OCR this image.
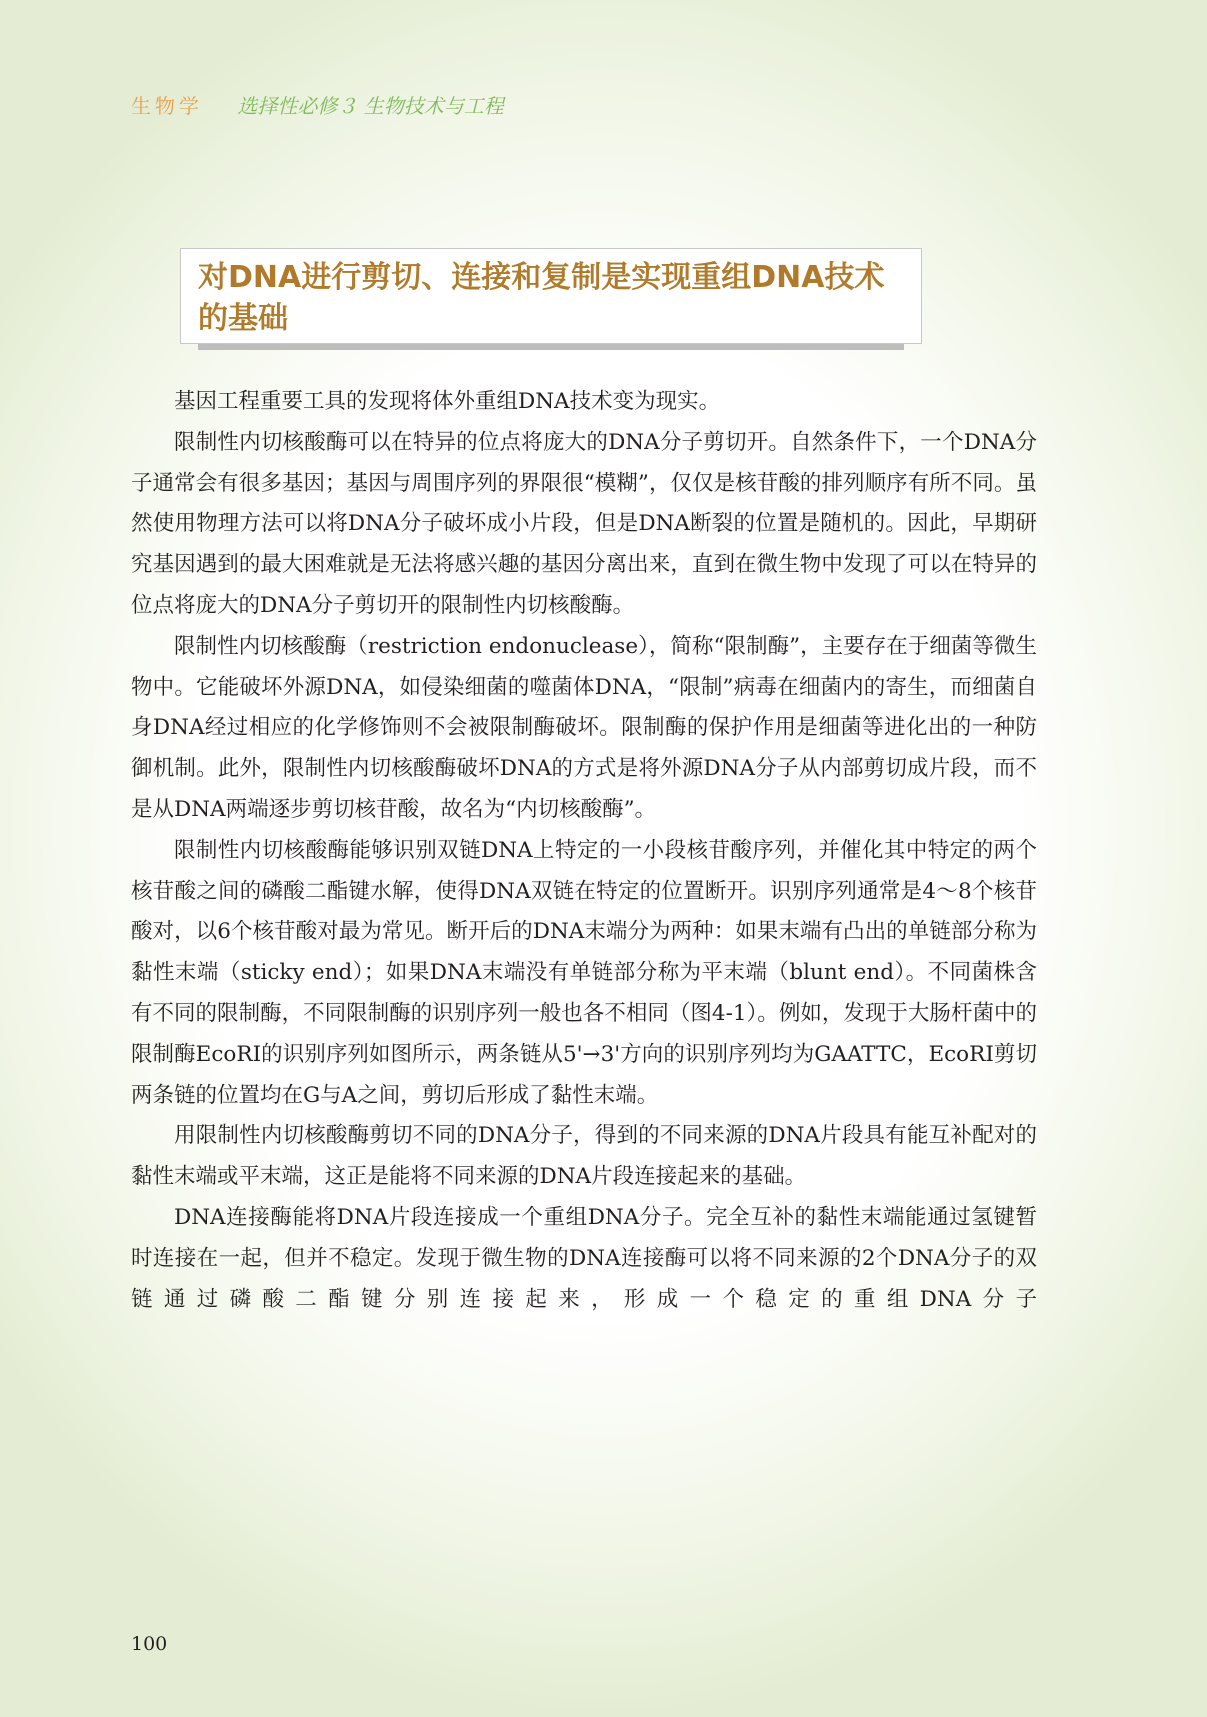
生物学 选择性必修３ 生物技术与工程
对DNA进行剪切、连接和复制是实现重组DNA技术的基础

基因工程重要工具的发现将体外重组DNA技术变为现实。

限制性内切核酸酶可以在特异的位点将庞大的DNA分子剪切开。自然条件下，一个DNA分子通常会有很多基因；基因与周围序列的界限很“模糊”，仅仅是核苷酸的排列顺序有所不同。虽然使用物理方法可以将DNA分子破坏成小片段，但是DNA断裂的位置是随机的。因此，早期研究基因遇到的最大困难就是无法将感兴趣的基因分离出来，直到在微生物中发现了可以在特异的位点将庞大的DNA分子剪切开的限制性内切核酸酶。

限制性内切核酸酶（restriction endonuclease），简称“限制酶”，主要存在于细菌等微生物中。它能破坏外源DNA，如侵染细菌的噬菌体DNA，“限制”病毒在细菌内的寄生，而细菌自身DNA经过相应的化学修饰则不会被限制酶破坏。限制酶的保护作用是细菌等进化出的一种防御机制。此外，限制性内切核酸酶破坏DNA的方式是将外源DNA分子从内部剪切成片段，而不是从DNA两端逐步剪切核苷酸，故名为“内切核酸酶”。

限制性内切核酸酶能够识别双链DNA上特定的一小段核苷酸序列，并催化其中特定的两个核苷酸之间的磷酸二酯键水解，使得DNA双链在特定的位置断开。识别序列通常是4～8个核苷酸对，以6个核苷酸对最为常见。断开后的DNA末端分为两种：如果末端有凸出的单链部分称为黏性末端（sticky end）；如果DNA末端没有单链部分称为平末端（blunt end）。不同菌株含有不同的限制酶，不同限制酶的识别序列一般也各不相同（图4-1）。例如，发现于大肠杆菌中的限制酶EcoRⅠ的识别序列如图所示，两条链从5'→3'方向的识别序列均为GAATTC，EcoRⅠ剪切两条链的位置均在G与A之间，剪切后形成了黏性末端。

用限制性内切核酸酶剪切不同的DNA分子，得到的不同来源的DNA片段具有能互补配对的黏性末端或平末端，这正是能将不同来源的DNA片段连接起来的基础。

DNA连接酶能将DNA片段连接成一个重组DNA分子。完全互补的黏性末端能通过氢键暂时连接在一起，但并不稳定。发现于微生物的DNA连接酶可以将不同来源的2个DNA分子的双链通过磷酸二酯键分别连接起来，形成一个稳定的重组DNA分子

100
